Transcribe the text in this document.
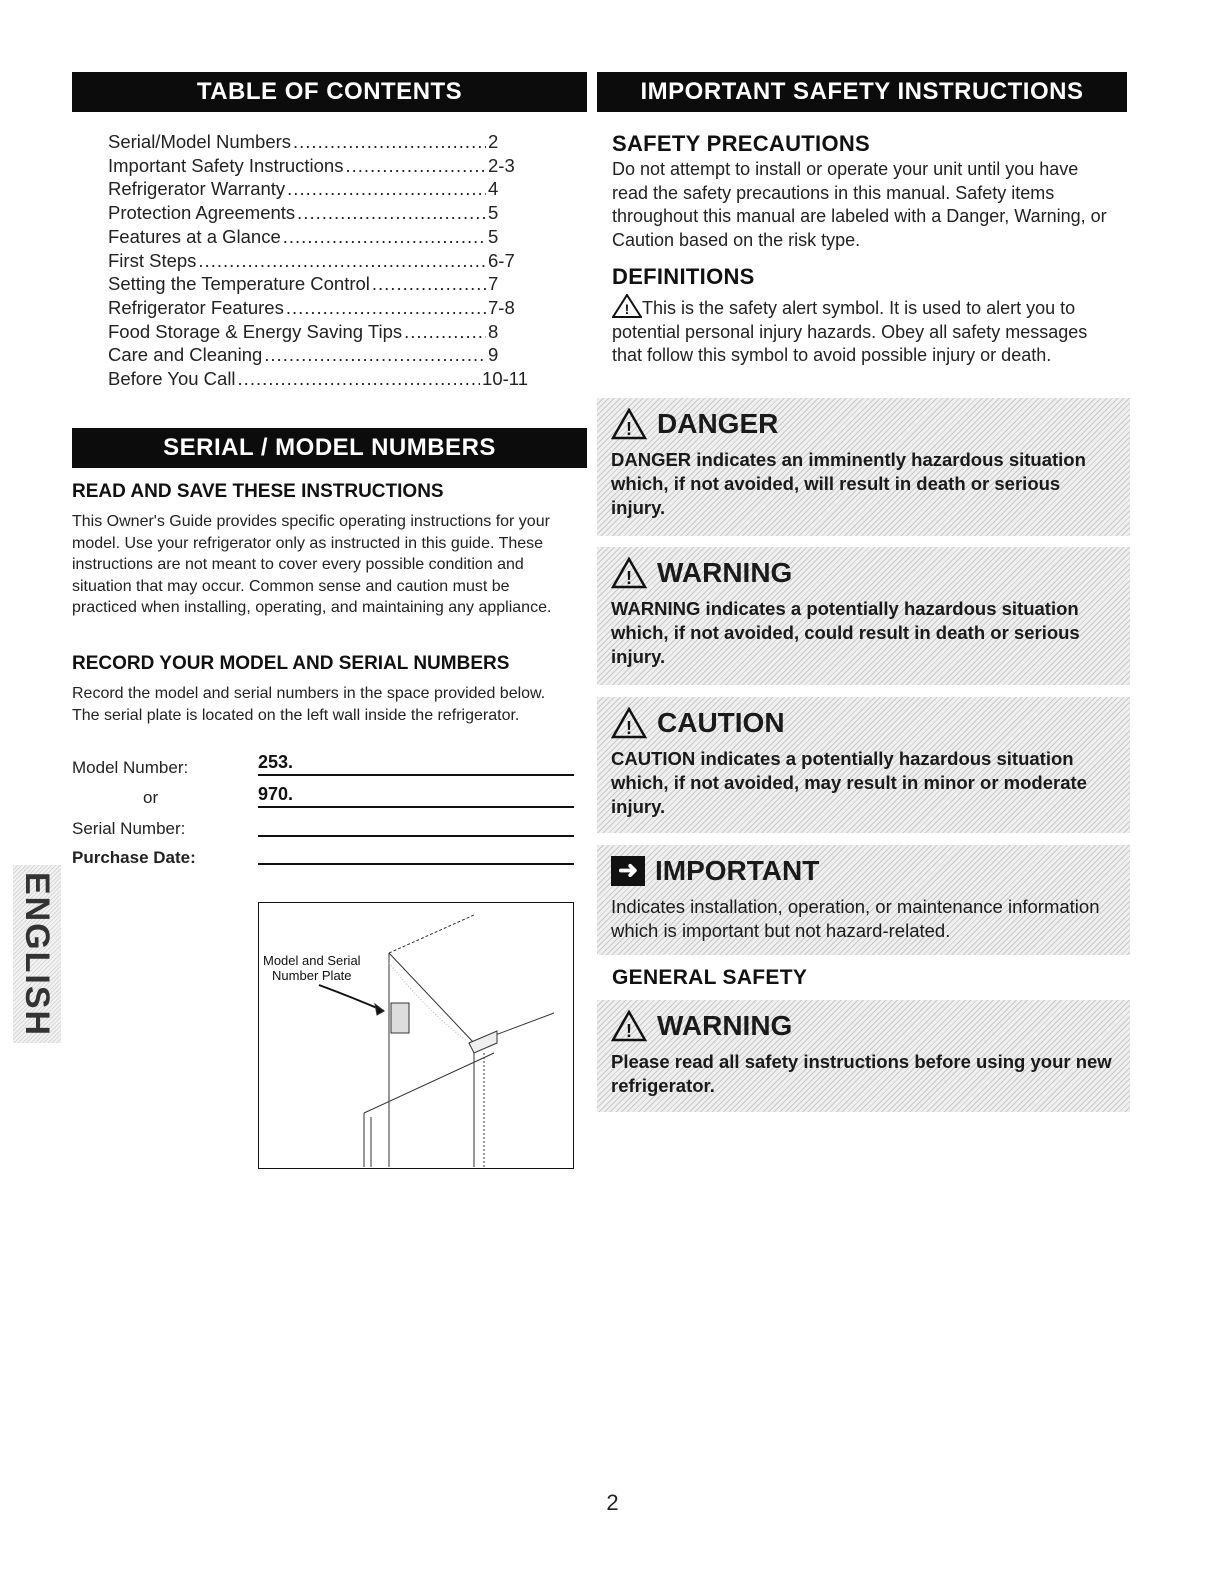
TABLE OF CONTENTS	IMPORTANT SAFETY INSTRUCTIONS
Serial/Model Numbers .....	2
Important Safety Instructions .....	2-3
Refrigerator Warranty .....	4
Protection Agreements .....	5
Features at a Glance .....	5
First Steps .....	6-7
Setting the Temperature Control .....	7
Refrigerator Features .....	7-8
Food Storage & Energy Saving Tips .....	8
Care and Cleaning .....	9
Before You Call .....	10-11
SERIAL / MODEL NUMBERS
READ AND SAVE THESE INSTRUCTIONS

This Owner's Guide provides specific operating instructions for your model. Use your refrigerator only as instructed in this guide. These instructions are not meant to cover every possible condition and situation that may occur. Common sense and caution must be practiced when installing, operating, and maintaining any appliance.

RECORD YOUR MODEL AND SERIAL NUMBERS

Record the model and serial numbers in the space provided below. The serial plate is located on the left wall inside the refrigerator.

Model Number:	253.
or	970.
Serial Number:
Purchase Date:
Model and Serial
Number Plate
ENGLISH
SAFETY PRECAUTIONS

Do not attempt to install or operate your unit until you have read the safety precautions in this manual. Safety items throughout this manual are labeled with a Danger, Warning, or Caution based on the risk type.

DEFINITIONS

! This is the safety alert symbol. It is used to alert you to potential personal injury hazards. Obey all safety messages that follow this symbol to avoid possible injury or death.

! DANGER
DANGER indicates an imminently hazardous situation which, if not avoided, will result in death or serious injury.
! WARNING
WARNING indicates a potentially hazardous situation which, if not avoided, could result in death or serious injury.
! CAUTION
CAUTION indicates a potentially hazardous situation which, if not avoided, may result in minor or moderate injury.
➜ IMPORTANT
Indicates installation, operation, or maintenance information which is important but not hazard-related.
GENERAL SAFETY
! WARNING
Please read all safety instructions before using your new refrigerator.
2
